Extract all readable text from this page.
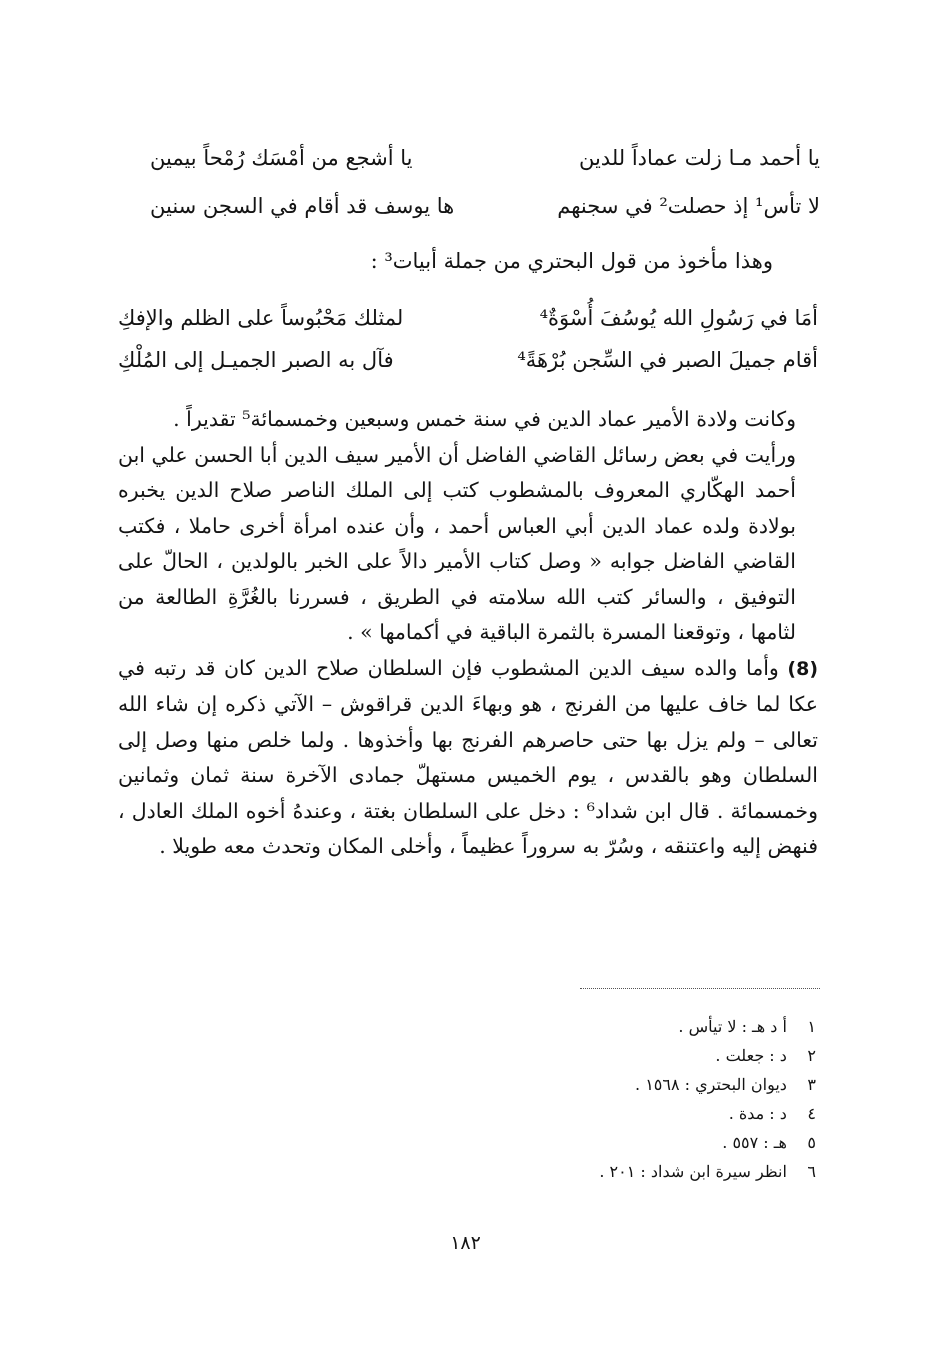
يا أحمد مـا زلت عماداً للدين
يا أشجع من أمْسَك رُمْحاً بيمين
لا تأس¹ إذ حصلت² في سجنهم
ها يوسف قد أقام في السجن سنين
وهذا مأخوذ من قول البحتري من جملة أبيات³ :
أمَا في رَسُولِ الله يُوسُفَ أُسْوَةٌ⁴
لمثلك مَحْبُوساً على الظلم والإفكِ
أقام جميلَ الصبر في السِّجن بُرْهَةً⁴
فآل به الصبر الجميـل إلى المُلْكِ

وكانت ولادة الأمير عماد الدين في سنة خمس وسبعين وخمسمائة⁵ تقديراً .

ورأيت في بعض رسائل القاضي الفاضل أن الأمير سيف الدين أبا الحسن علي ابن أحمد الهكّاري المعروف بالمشطوب كتب إلى الملك الناصر صلاح الدين يخبره بولادة ولده عماد الدين أبي العباس أحمد ، وأن عنده امرأة أخرى حاملا ، فكتب القاضي الفاضل جوابه « وصل كتاب الأمير دالاً على الخبر بالولدين ، الحالّ على التوفيق ، والسائر كتب الله سلامته في الطريق ، فسررنا بالغُرَّةِ الطالعة من لثامها ، وتوقعنا المسرة بالثمرة الباقية في أكمامها » .

(8) وأما والده سيف الدين المشطوب فإن السلطان صلاح الدين كان قد رتبه في عكا لما خاف عليها من الفرنج ، هو وبهاءَ الدين قراقوش – الآتي ذكره إن شاء الله تعالى – ولم يزل بها حتى حاصرهم الفرنج بها وأخذوها . ولما خلص منها وصل إلى السلطان وهو بالقدس ، يوم الخميس مستهلّ جمادى الآخرة سنة ثمان وثمانين وخمسمائة . قال ابن شداد⁶ : دخل على السلطان بغتة ، وعندهُ أخوه الملك العادل ، فنهض إليه واعتنقه ، وسُرّ به سروراً عظيماً ، وأخلى المكان وتحدث معه طويلا .

١ أ د هـ : لا تيأس .
٢ د : جعلت .
٣ ديوان البحتري : ١٥٦٨ .
٤ د : مدة .
٥ هـ : ٥٥٧ .
٦ انظر سيرة ابن شداد : ٢٠١ .
١٨٢
